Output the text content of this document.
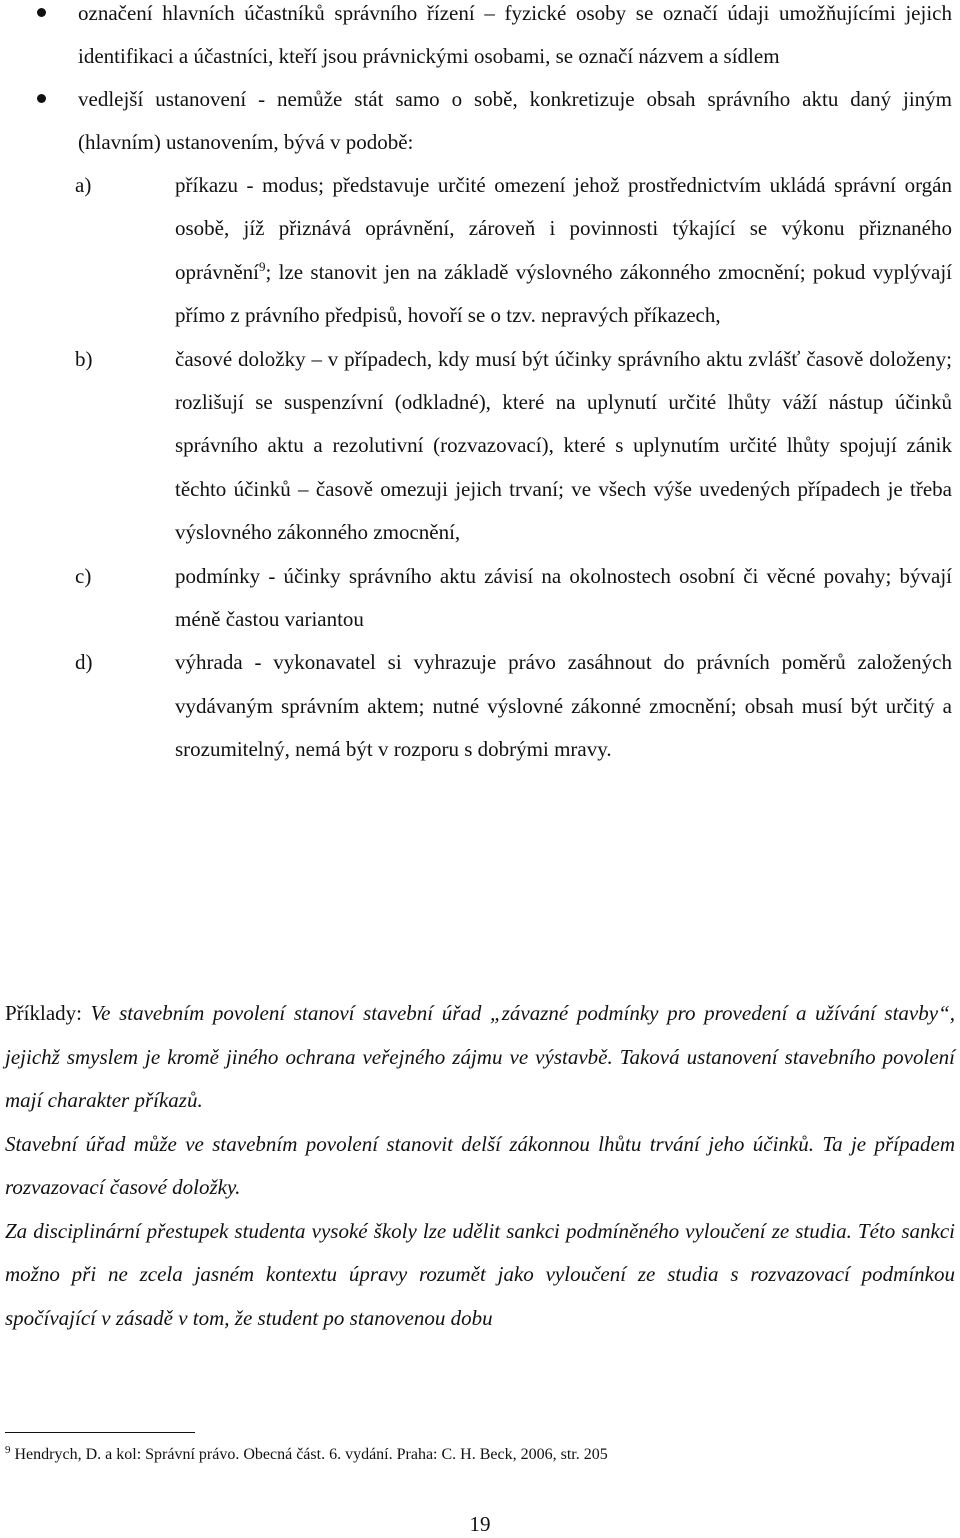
označení hlavních účastníků správního řízení – fyzické osoby se označí údaji umožňujícími jejich identifikaci a účastníci, kteří jsou právnickými osobami, se označí názvem a sídlem
vedlejší ustanovení - nemůže stát samo o sobě, konkretizuje obsah správního aktu daný jiným (hlavním) ustanovením, bývá v podobě:
a)	příkazu - modus; představuje určité omezení jehož prostřednictvím ukládá správní orgán osobě, jíž přiznává oprávnění, zároveň i povinnosti týkající se výkonu přiznaného oprávnění$^9$; lze stanovit jen na základě výslovného zákonného zmocnění; pokud vyplývají přímo z právního předpisů, hovoří se o tzv. nepravých příkazech,
b)	časové doložky – v případech, kdy musí být účinky správního aktu zvlášť časově doloženy; rozlišují se suspenzívní (odkladné), které na uplynutí určité lhůty váží nástup účinků správního aktu a rezolutivní (rozvazovací), které s uplynutím určité lhůty spojují zánik těchto účinků – časově omezuji jejich trvaní; ve všech výše uvedených případech je třeba výslovného zákonného zmocnění,
c)	podmínky - účinky správního aktu závisí na okolnostech osobní či věcné povahy; bývají méně častou variantou
d)	výhrada - vykonavatel si vyhrazuje právo zasáhnout do právních poměrů založených vydávaným správním aktem; nutné výslovné zákonné zmocnění; obsah musí být určitý a srozumitelný, nemá být v rozporu s dobrými mravy.

Příklady: Ve stavebním povolení stanoví stavební úřad „závazné podmínky pro provedení a užívání stavby“, jejichž smyslem je kromě jiného ochrana veřejného zájmu ve výstavbě. Taková ustanovení stavebního povolení mají charakter příkazů.

Stavební úřad může ve stavebním povolení stanovit delší zákonnou lhůtu trvání jeho účinků. Ta je případem rozvazovací časové doložky.

Za disciplinární přestupek studenta vysoké školy lze udělit sankci podmíněného vyloučení ze studia. Této sankci možno při ne zcela jasném kontextu úpravy rozumět jako vyloučení ze studia s rozvazovací podmínkou spočívající v zásadě v tom, že student po stanovenou dobu

$^9$ Hendrych, D. a kol: Správní právo. Obecná část. 6. vydání. Praha: C. H. Beck, 2006, str. 205
19
